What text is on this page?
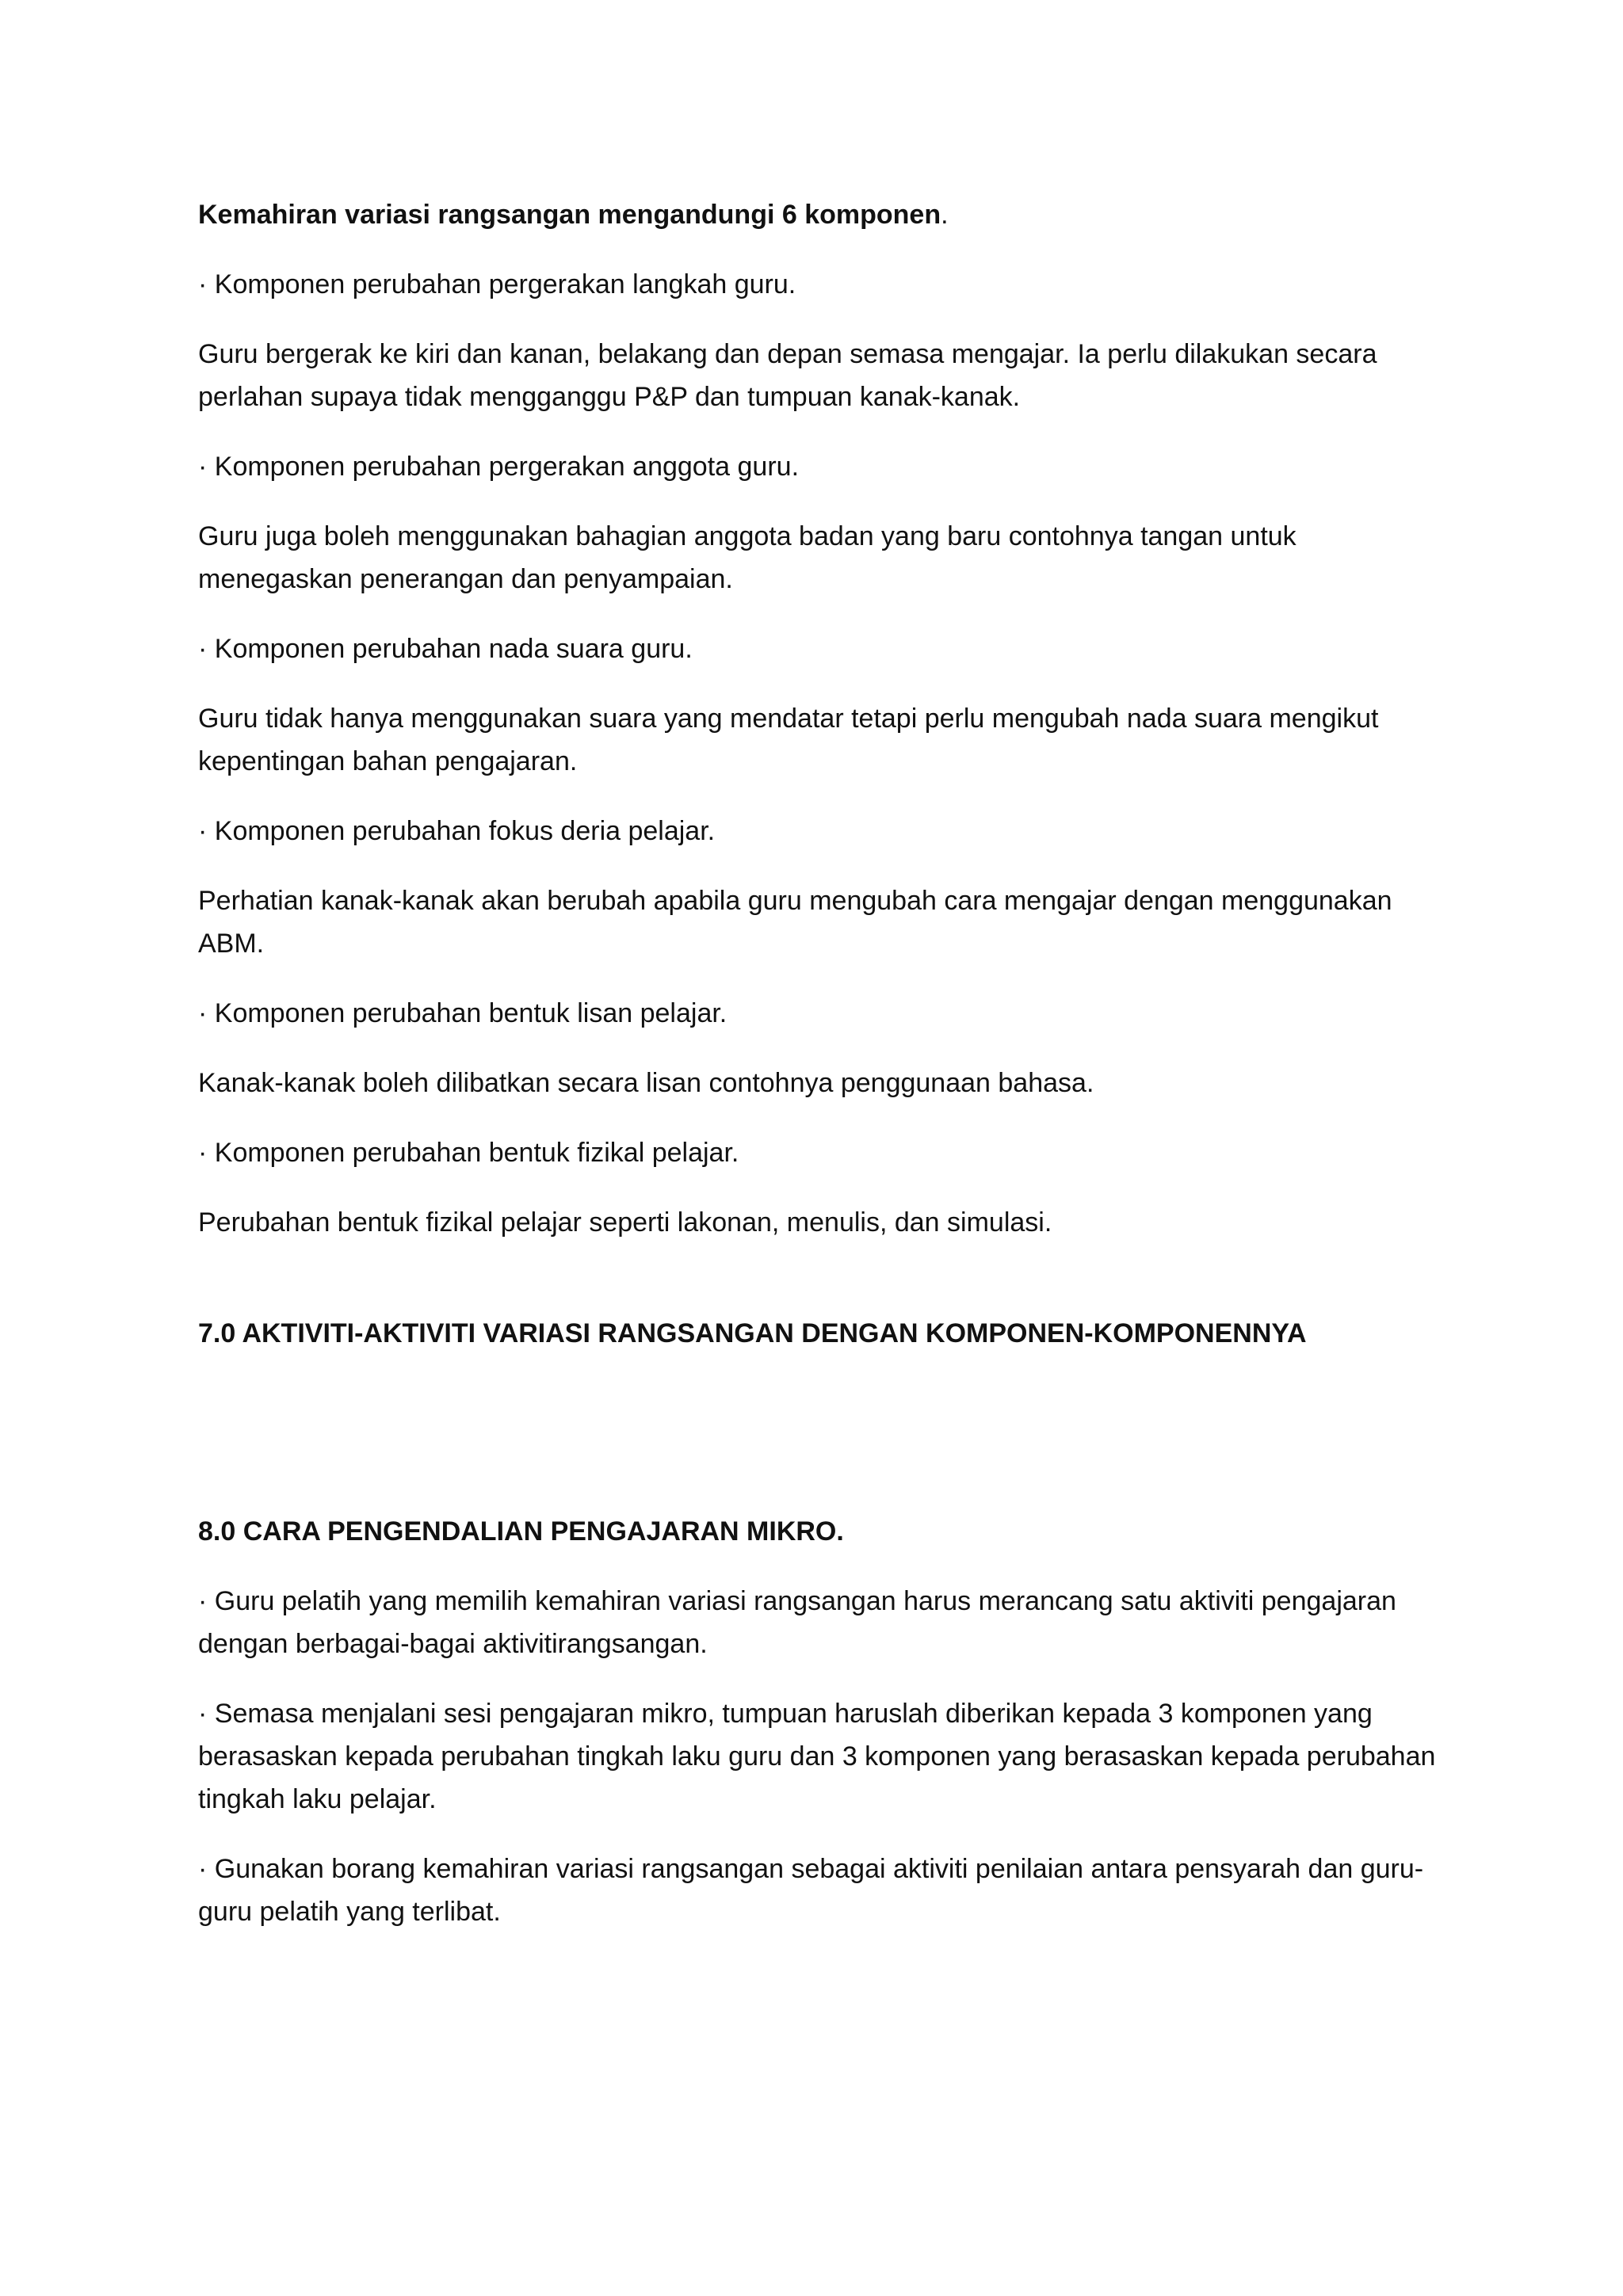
Kemahiran variasi rangsangan mengandungi 6 komponen.

· Komponen perubahan pergerakan langkah guru.

Guru bergerak ke kiri dan kanan, belakang dan depan semasa mengajar. Ia perlu dilakukan secara perlahan supaya tidak mengganggu P&P dan tumpuan kanak-kanak.

· Komponen perubahan pergerakan anggota guru.

Guru juga boleh menggunakan bahagian anggota badan yang baru contohnya tangan untuk menegaskan penerangan dan penyampaian.

· Komponen perubahan nada suara guru.

Guru tidak hanya menggunakan suara yang mendatar tetapi perlu mengubah nada suara mengikut kepentingan bahan pengajaran.

· Komponen perubahan fokus deria pelajar.

Perhatian kanak-kanak akan berubah apabila guru mengubah cara mengajar dengan menggunakan ABM.

· Komponen perubahan bentuk lisan pelajar.

Kanak-kanak boleh dilibatkan secara lisan contohnya penggunaan bahasa.

· Komponen perubahan bentuk fizikal pelajar.

Perubahan bentuk fizikal pelajar seperti lakonan, menulis, dan simulasi.

7.0 AKTIVITI-AKTIVITI VARIASI RANGSANGAN DENGAN KOMPONEN-KOMPONENNYA

8.0 CARA PENGENDALIAN PENGAJARAN MIKRO.

· Guru pelatih yang memilih kemahiran variasi rangsangan harus merancang satu aktiviti pengajaran dengan berbagai-bagai aktivitirangsangan.

· Semasa menjalani sesi pengajaran mikro, tumpuan haruslah diberikan kepada 3 komponen yang berasaskan kepada perubahan tingkah laku guru dan 3 komponen yang berasaskan kepada perubahan tingkah laku pelajar.

· Gunakan borang kemahiran variasi rangsangan sebagai aktiviti penilaian antara pensyarah dan guru-guru pelatih yang terlibat.
